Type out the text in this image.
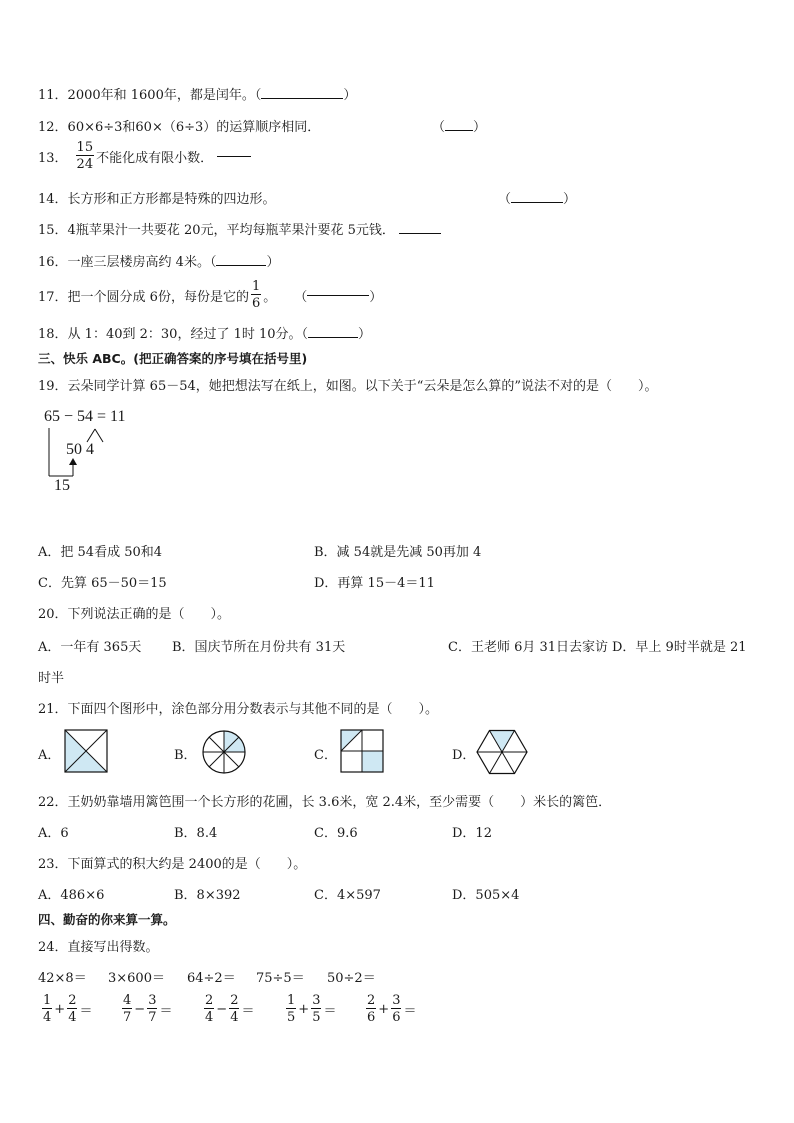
11．2000年和 1600年，都是闰年。（	）
12．60×6÷3和60×（6÷3）的运算顺序相同．	（ ）
13． $\frac{15}{24}$ 不能化成有限小数．
14．长方形和正方形都是特殊的四边形。	（	）
15．4瓶苹果汁一共要花 20元，平均每瓶苹果汁要花 5元钱．
16．一座三层楼房高约 4米。（	）
17． 把一个圆分成 6份，每份是它的 $\frac{1}{6}$ 。 （	）
18．从 1：40到 2：30，经过了 1时 10分。（	）
三、快乐 ABC。(把正确答案的序号填在括号里)
19．云朵同学计算 65－54，她把想法写在纸上，如图。以下关于“云朵是怎么算的”说法不对的是（　　）。
65 − 54 = 11
50 4
15
A．把 54看成 50和4	B．减 54就是先减 50再加 4
C．先算 65－50＝15	D．再算 15－4＝11
20．下列说法正确的是（　　）。
A．一年有 365天 B．国庆节所在月份共有 31天	C．王老师 6月 31日去家访 D．早上 9时半就是 21
时半
21．下面四个图形中，涂色部分用分数表示与其他不同的是（　　）。
A．	B．	C．	D．
22．王奶奶靠墙用篱笆围一个长方形的花圃，长 3.6米，宽 2.4米，至少需要（　　）米长的篱笆．
A．6	B．8.4	C．9.6	D．12
23．下面算式的积大约是 2400的是（　　）。
A．486×6	B．8×392	C．4×597	D．505×4
四、勤奋的你来算一算。
24．直接写出得数。
42×8＝ 3×600＝ 64÷2＝ 75÷5＝ 50÷2＝
$\frac{1}{4} + \frac{2}{4} = \frac{4}{7} - \frac{3}{7} = \frac{2}{4} - \frac{2}{4} = \frac{1}{5} + \frac{3}{5} = \frac{2}{6} + \frac{3}{6}$ ＝
